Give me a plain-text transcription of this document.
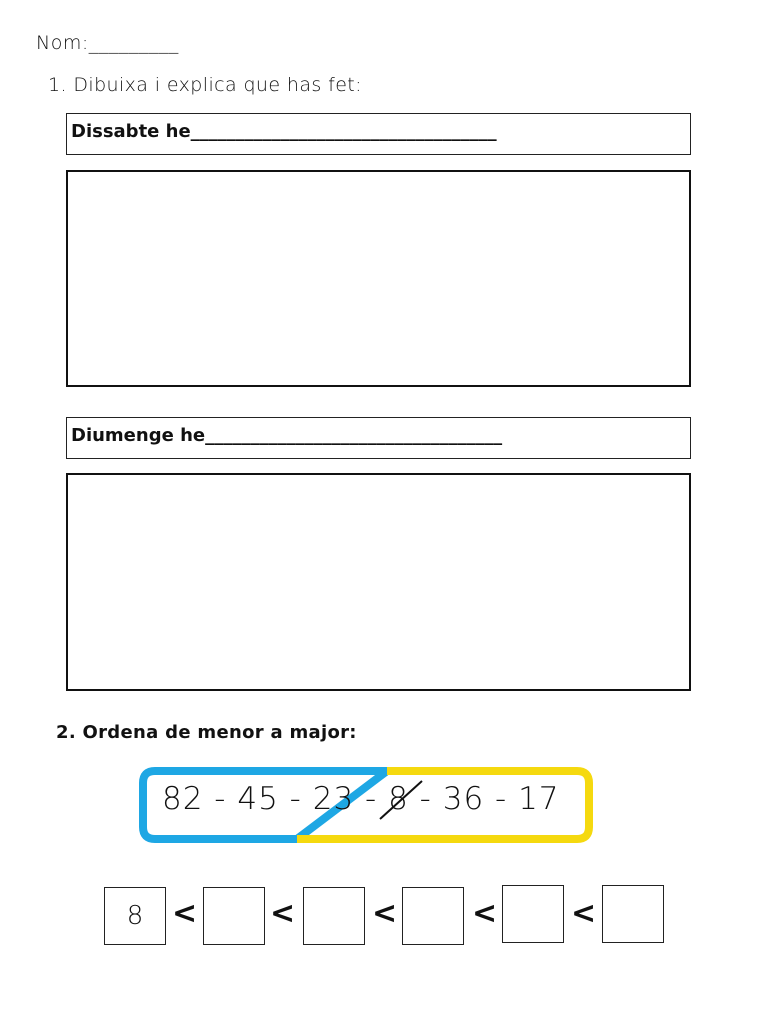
Nom:_________
1. Dibuixa i explica que has fet:
Dissabte he__________________________________
Diumenge he_________________________________
2. Ordena de menor a major:
82 - 45 - 23 - 8
- 36 - 17
8 < <	< < <
